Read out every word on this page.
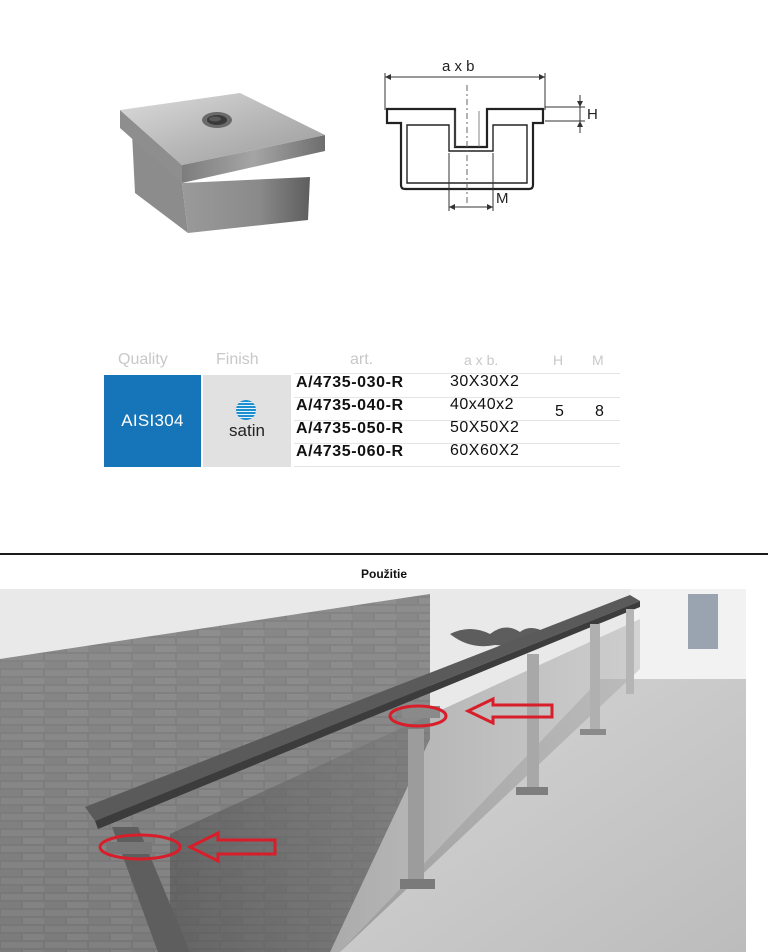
a x b
H
M
Quality	Finish	art.	a x b.	H M
AISI304
satin
A/4735-030-R	30X30X2
A/4735-040-R	40x40x2
A/4735-050-R	50X50X2
A/4735-060-R	60X60X2
5 8
Použitie
